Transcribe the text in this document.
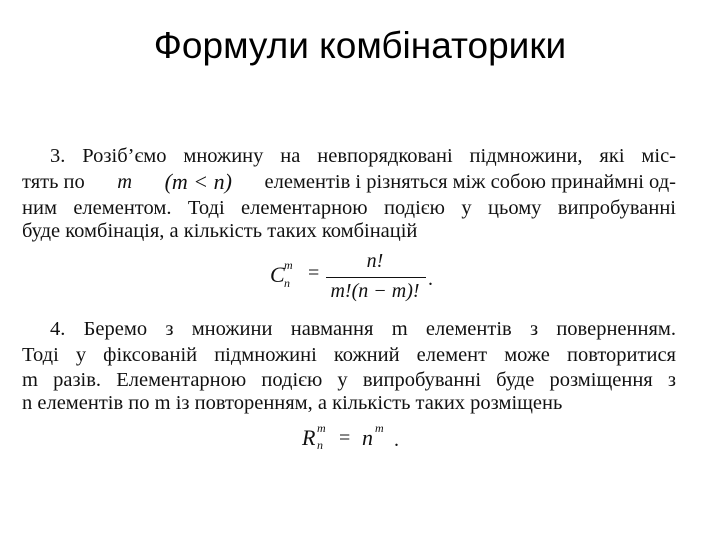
Формули комбінаторики
3. Розіб’ємо множину на невпорядковані підмножини, які міс-
тять по m (m < n) елементів і різняться між собою принаймні од-
ним елементом. Тоді елементарною подією у цьому випробуванні
буде комбінація, а кількість таких комбінацій
C m
n =
n!
m!(n − m)!
.
4. Беремо з множини навмання m елементів з поверненням.
Тоді у фіксованій підмножині кожний елемент може повторитися
m разів. Елементарною подією у випробуванні буде розміщення з
n елементів по m із повторенням, а кількість таких розміщень
R m
n = n m
.
